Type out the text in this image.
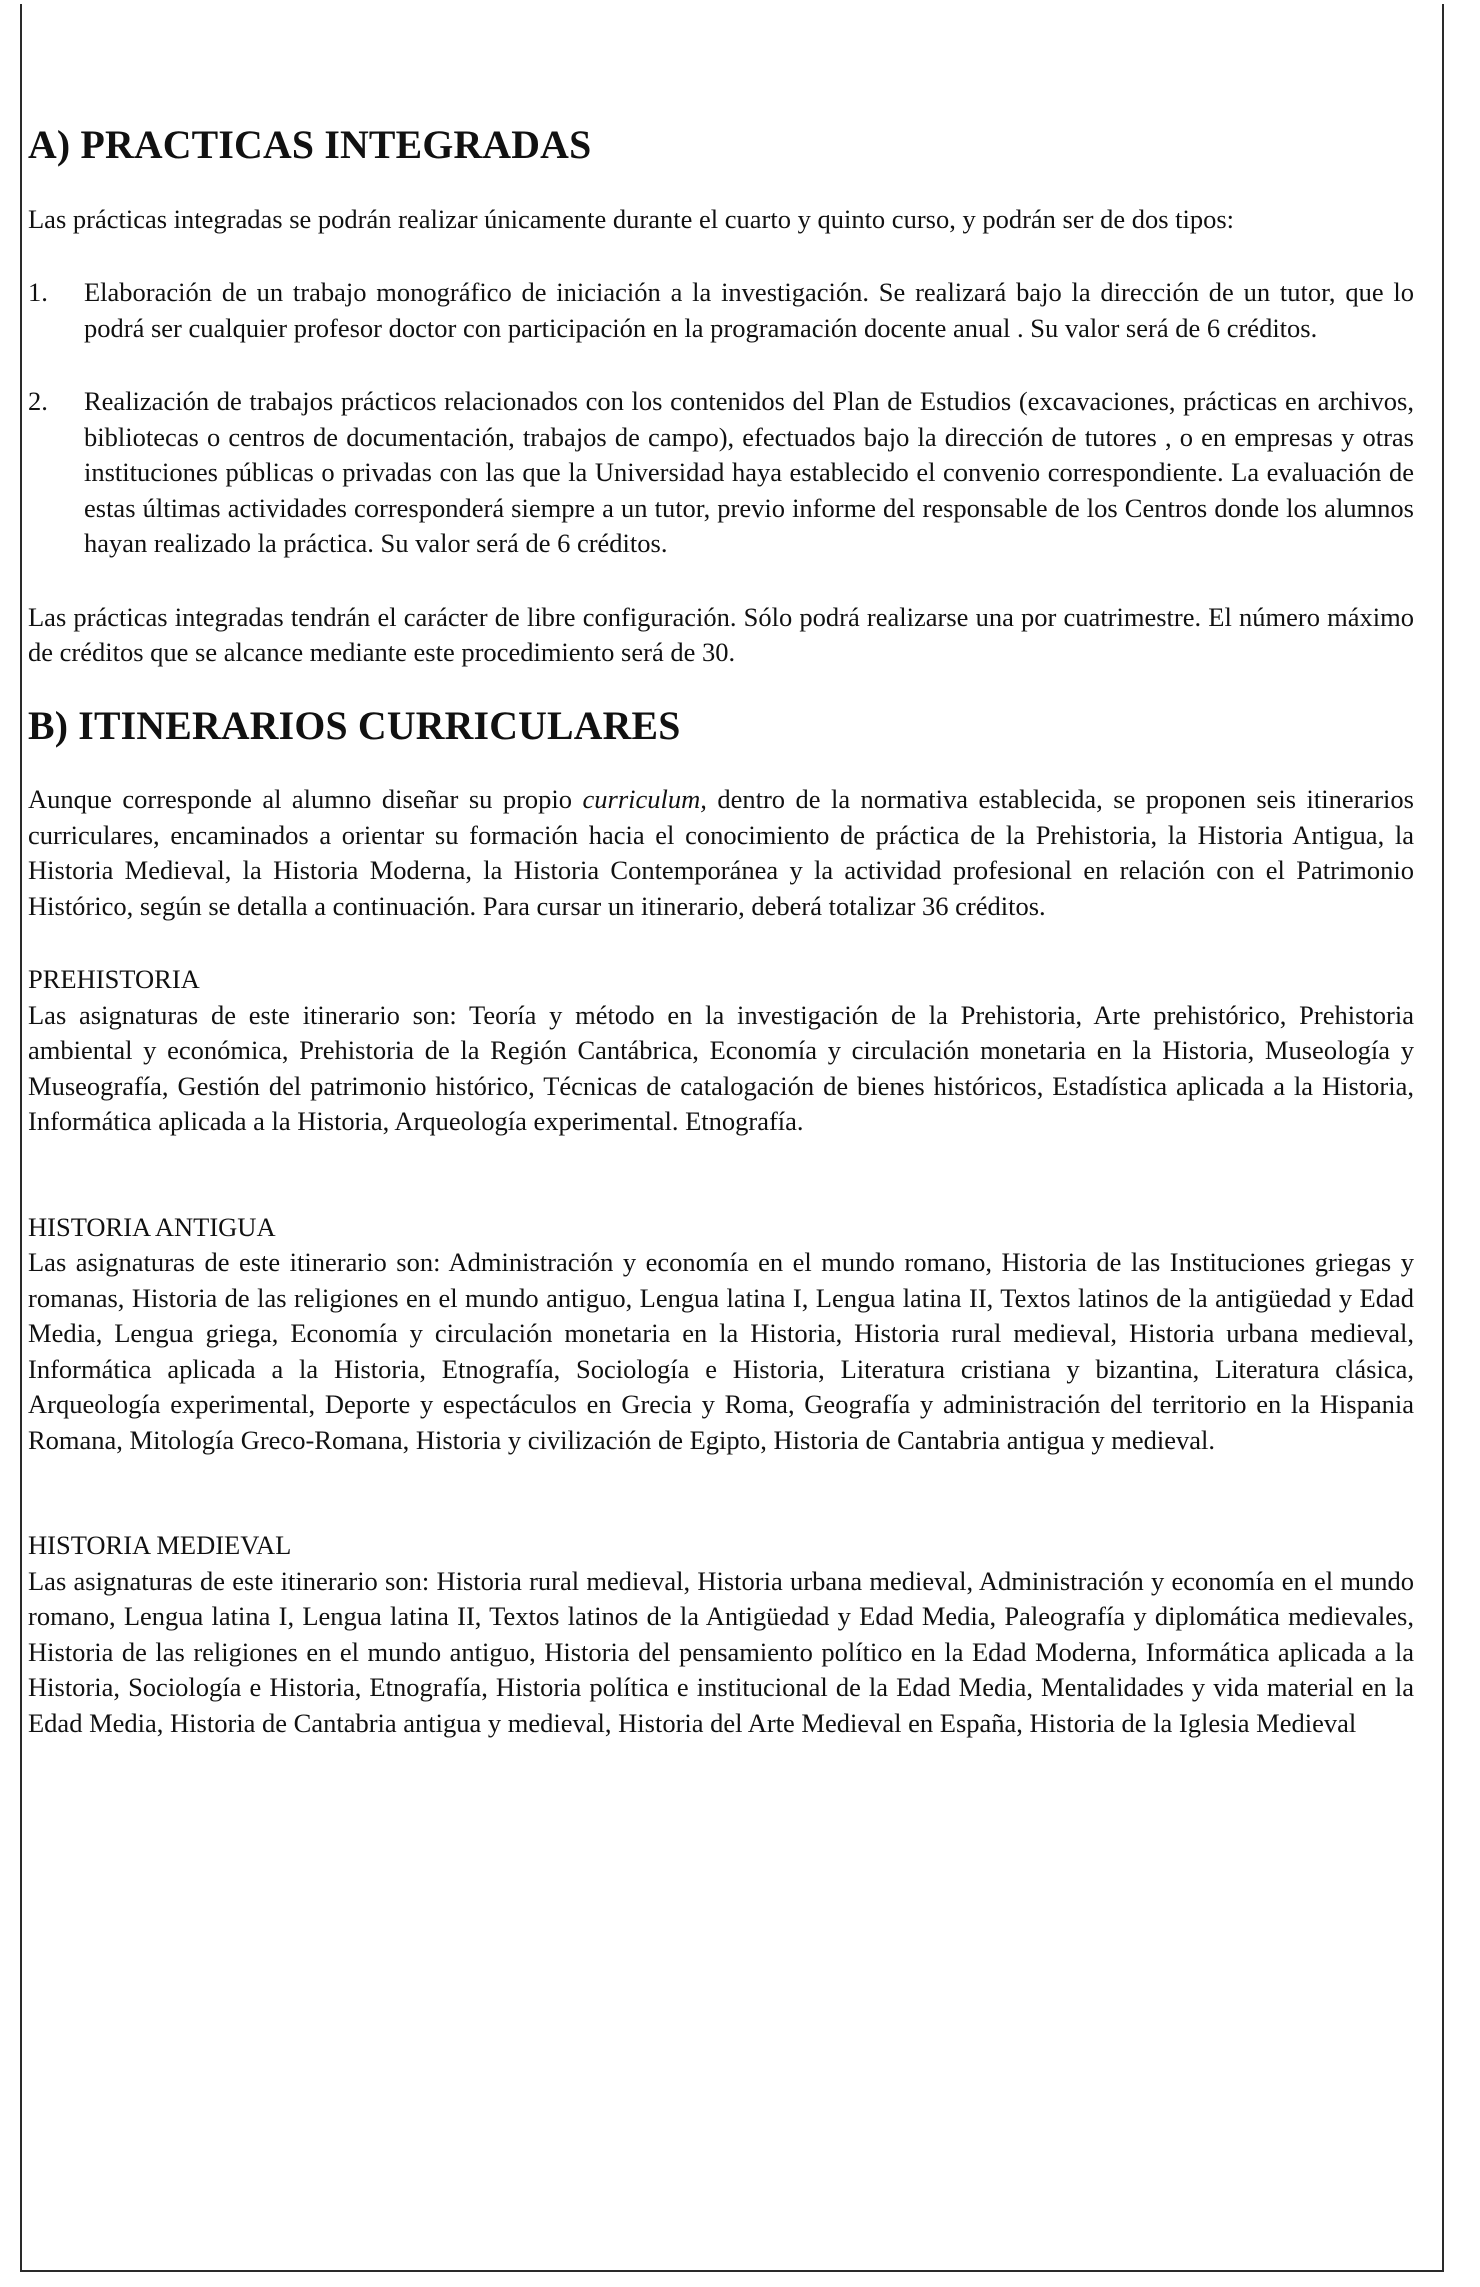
A) PRACTICAS INTEGRADAS

Las prácticas integradas se podrán realizar únicamente durante el cuarto y quinto curso, y podrán ser de dos tipos:

1. Elaboración de un trabajo monográfico de iniciación a la investigación. Se realizará bajo la dirección de un tutor, que lo podrá ser cualquier profesor doctor con participación en la programación docente anual . Su valor será de 6 créditos.
2. Realización de trabajos prácticos relacionados con los contenidos del Plan de Estudios (excavaciones, prácticas en archivos, bibliotecas o centros de documentación, trabajos de campo), efectuados bajo la dirección de tutores , o en empresas y otras instituciones públicas o privadas con las que la Universidad haya establecido el convenio correspondiente. La evaluación de estas últimas actividades corresponderá siempre a un tutor, previo informe del responsable de los Centros donde los alumnos hayan realizado la práctica. Su valor será de 6 créditos.

Las prácticas integradas tendrán el carácter de libre configuración. Sólo podrá realizarse una por cuatrimestre. El número máximo de créditos que se alcance mediante este procedimiento será de 30.

B) ITINERARIOS CURRICULARES

Aunque corresponde al alumno diseñar su propio curriculum, dentro de la normativa establecida, se proponen seis itinerarios curriculares, encaminados a orientar su formación hacia el conocimiento de práctica de la Prehistoria, la Historia Antigua, la Historia Medieval, la Historia Moderna, la Historia Contemporánea y la actividad profesional en relación con el Patrimonio Histórico, según se detalla a continuación. Para cursar un itinerario, deberá totalizar 36 créditos.

PREHISTORIA

Las asignaturas de este itinerario son: Teoría y método en la investigación de la Prehistoria, Arte prehistórico, Prehistoria ambiental y económica, Prehistoria de la Región Cantábrica, Economía y circulación monetaria en la Historia, Museología y Museografía, Gestión del patrimonio histórico, Técnicas de catalogación de bienes históricos, Estadística aplicada a la Historia, Informática aplicada a la Historia, Arqueología experimental. Etnografía.

HISTORIA ANTIGUA

Las asignaturas de este itinerario son: Administración y economía en el mundo romano, Historia de las Instituciones griegas y romanas, Historia de las religiones en el mundo antiguo, Lengua latina I, Lengua latina II, Textos latinos de la antigüedad y Edad Media, Lengua griega, Economía y circulación monetaria en la Historia, Historia rural medieval, Historia urbana medieval, Informática aplicada a la Historia, Etnografía, Sociología e Historia, Literatura cristiana y bizantina, Literatura clásica, Arqueología experimental, Deporte y espectáculos en Grecia y Roma, Geografía y administración del territorio en la Hispania Romana, Mitología Greco-Romana, Historia y civilización de Egipto, Historia de Cantabria antigua y medieval.

HISTORIA MEDIEVAL

Las asignaturas de este itinerario son: Historia rural medieval, Historia urbana medieval, Administración y economía en el mundo romano, Lengua latina I, Lengua latina II, Textos latinos de la Antigüedad y Edad Media, Paleografía y diplomática medievales, Historia de las religiones en el mundo antiguo, Historia del pensamiento político en la Edad Moderna, Informática aplicada a la Historia, Sociología e Historia, Etnografía, Historia política e institucional de la Edad Media, Mentalidades y vida material en la Edad Media, Historia de Cantabria antigua y medieval, Historia del Arte Medieval en España, Historia de la Iglesia Medieval
